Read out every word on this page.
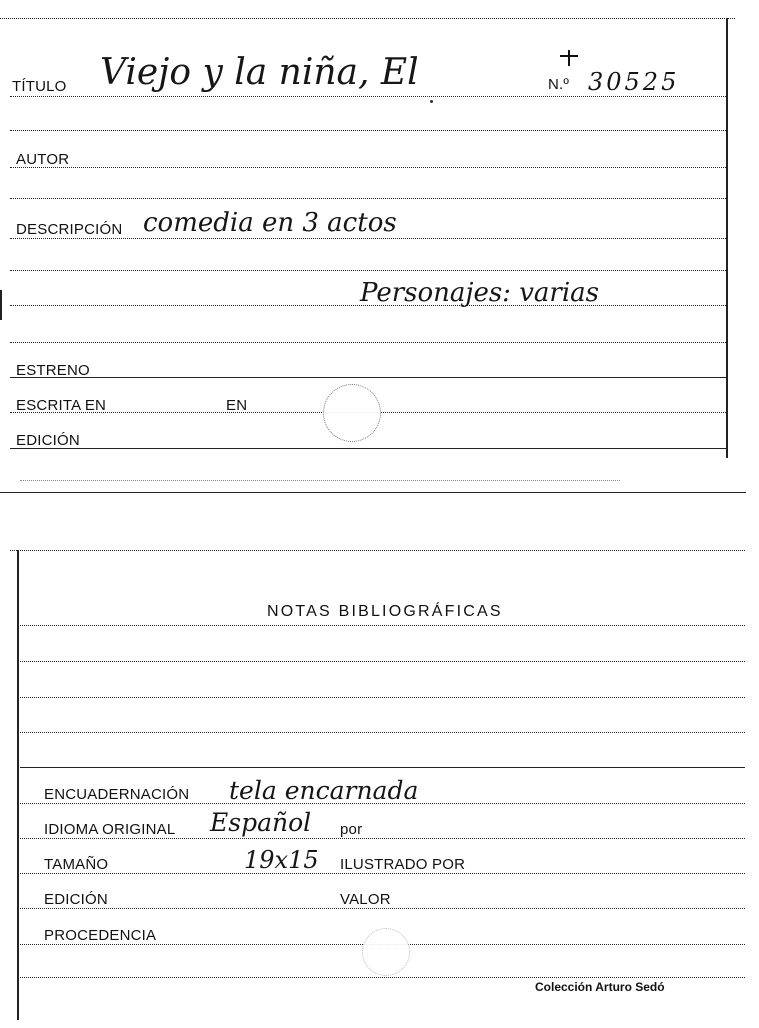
TÍTULO Viejo y la niña, El	N.º 30525
AUTOR
DESCRIPCIÓN comedia en 3 actos
Personajes: varias
ESTRENO
ESCRITA EN	EN
EDICIÓN
NOTAS BIBLIOGRÁFICAS
ENCUADERNACIÓN tela encarnada
IDIOMA ORIGINAL Español por
TAMAÑO	19x15 ILUSTRADO POR
EDICIÓN	VALOR
PROCEDENCIA
Colección Arturo Sedó
